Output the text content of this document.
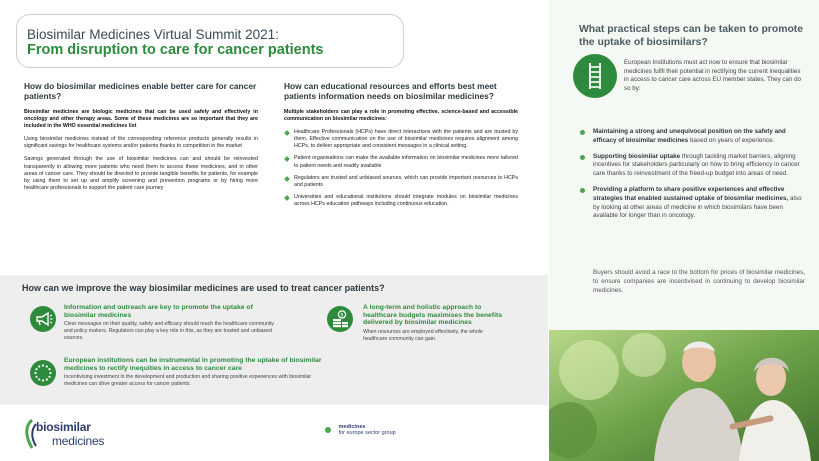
Biosimilar Medicines Virtual Summit 2021:
From disruption to care for cancer patients
How do biosimilar medicines enable better care for cancer patients?

Biosimilar medicines are biologic medicines that can be used safely and effectively in oncology and other therapy areas. Some of these medicines are so important that they are included in the WHO essential medicines list

Using biosimilar medicines instead of the corresponding reference products generally results in significant savings for healthcare systems and/or patients thanks to competition in the market

Savings generated through the use of biosimilar medicines can and should be reinvested transparently in allowing more patients who need them to access these medicines, and in other areas of cancer care. They should be directed to provide tangible benefits for patients, for example by using them to set up and amplify screening and prevention programs or by hiring more healthcare professionals to support the patient care journey

How can educational resources and efforts best meet patients information needs on biosimilar medicines?

Multiple stakeholders can play a role in promoting effective, science-based and accessible communication on biosimilar medicines:

Healthcare Professionals (HCPs) have direct interactions with the patients and are trusted by them. Effective communication on the use of biosimilar medicines requires alignment among HCPs, to deliver appropriate and consistent messages in a clinical setting.
Patient organisations can make the available information on biosimilar medicines more tailored to patient needs and readily available
Regulators are trusted and unbiased sources, which can provide important resources to HCPs and patients
Universities and educational institutions should integrate modules on biosimilar medicines across HCPs education pathways including continuous education.
How can we improve the way biosimilar medicines are used to treat cancer patients?
Information and outreach are key to promote the uptake of biosimilar medicines
Clear messages on their quality, safety and efficacy should reach the healthcare community and policy makers. Regulators can play a key role in this, as they are trusted and unbiased sources.
$
A long-term and holistic approach to healthcare budgets maximises the benefits delivered by biosimilar medicines
When resources are employed effectively, the whole healthcare community can gain.
European institutions can be instrumental in promoting the uptake of biosimilar medicines to rectify inequities in access to cancer care
Incentivising investment in the development and production and sharing positive experiences with biosimilar medicines can drive greater access for cancer patients.
biosimilar
medicines
medicines
for europe sector group
What practical steps can be taken to promote the uptake of biosimilars?
European Institutions must act now to ensure that biosimilar medicines fulfil their potential in rectifying the current inequalities in access to cancer care across EU member states. They can do so by:
Maintaining a strong and unequivocal position on the safety and efficacy of biosimilar medicines based on years of experience.
Supporting biosimilar uptake through tackling market barriers, aligning incentives for stakeholders particularly on how to bring efficiency in cancer care thanks to reinvestment of the freed-up budget into areas of need.
Providing a platform to share positive experiences and effective strategies that enabled sustained uptake of biosimilar medicines, also by looking at other areas of medicine in which biosimilars have been available for longer than in oncology.
Buyers should avoid a race to the bottom for prices of biosimilar medicines, to ensure companies are incentivised in continuing to develop biosimilar medicines.
